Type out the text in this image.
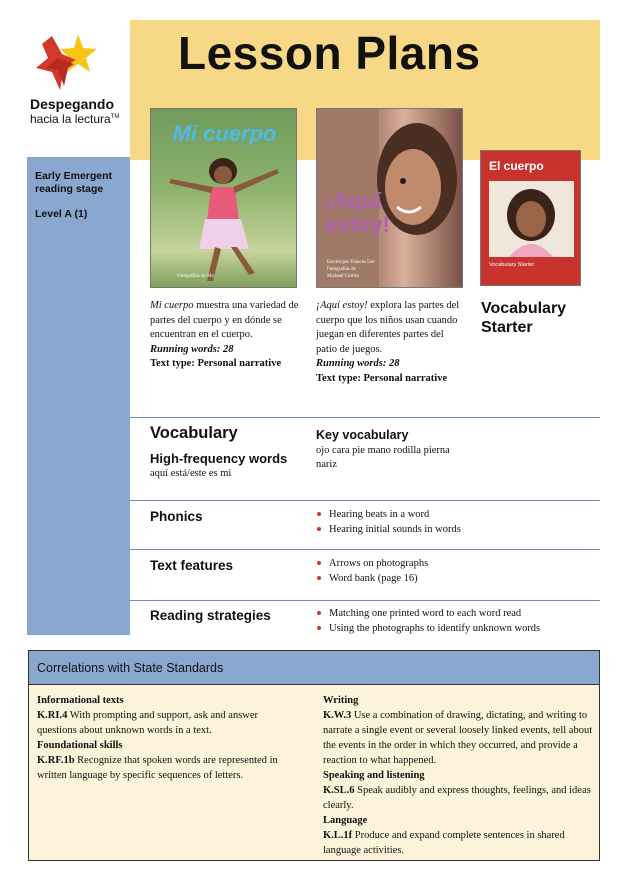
Lesson Plans
Despegando
hacia la lectura™
Early Emergent reading stage
Level A (1)
Mi cuerpo
Fotografías de Ma
¡Aquí estoy!
Escrito por Frances Lee
Fotografías de
Michael Curtiss
El cuerpo
Vocabulary Starter
Mi cuerpo muestra una variedad de partes del cuerpo y en dónde se encuentran en el cuerpo.
Running words: 28
Text type: Personal narrative
¡Aquí estoy! explora las partes del cuerpo que los niños usan cuando juegan en diferentes partes del patio de juegos.
Running words: 28
Text type: Personal narrative
Vocabulary Starter
Vocabulary
High-frequency words
aquí está/este es mi
Key vocabulary
ojo cara pie mano rodilla pierna nariz
Phonics	Hearing beats in a word
Hearing initial sounds in words
Text features	Arrows on photographs
Word bank (page 16)
Reading strategies	Matching one printed word to each word read
Using the photographs to identify unknown words
Correlations with State Standards
Informational texts
K.RI.4 With prompting and support, ask and answer questions about unknown words in a text.
Foundational skills
K.RF.1b Recognize that spoken words are represented in written language by specific sequences of letters.
Writing
K.W.3 Use a combination of drawing, dictating, and writing to narrate a single event or several loosely linked events, tell about the events in the order in which they occurred, and provide a reaction to what happened.
Speaking and listening
K.SL.6 Speak audibly and express thoughts, feelings, and ideas clearly.
Language
K.L.1f Produce and expand complete sentences in shared language activities.
